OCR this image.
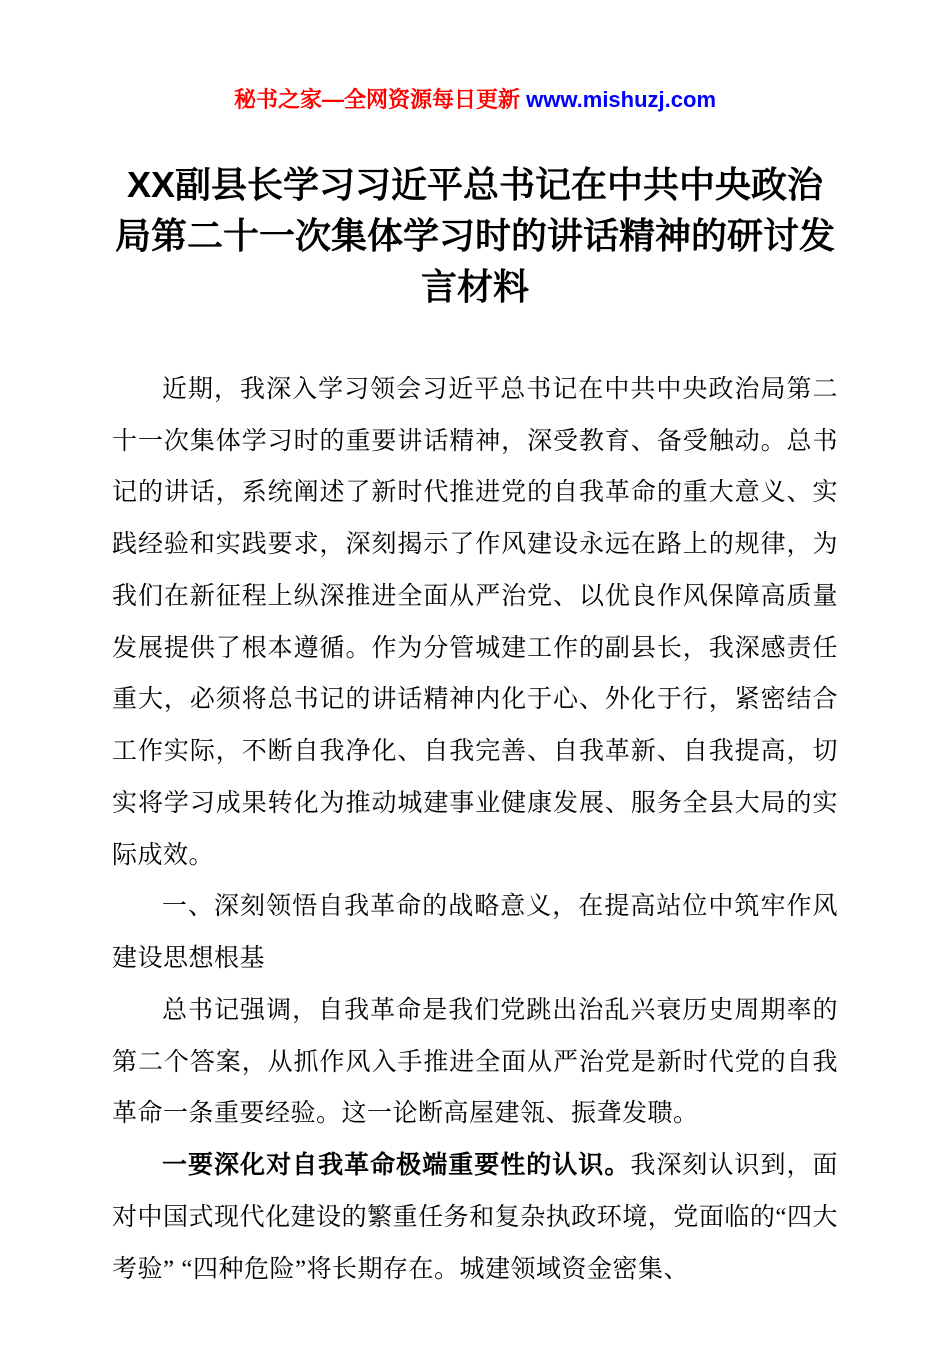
秘书之家—全网资源每日更新 www.mishuzj.com
XX副县长学习习近平总书记在中共中央政治局第二十一次集体学习时的讲话精神的研讨发言材料

近期，我深入学习领会习近平总书记在中共中央政治局第二十一次集体学习时的重要讲话精神，深受教育、备受触动。总书记的讲话，系统阐述了新时代推进党的自我革命的重大意义、实践经验和实践要求，深刻揭示了作风建设永远在路上的规律，为我们在新征程上纵深推进全面从严治党、以优良作风保障高质量发展提供了根本遵循。作为分管城建工作的副县长，我深感责任重大，必须将总书记的讲话精神内化于心、外化于行，紧密结合工作实际，不断自我净化、自我完善、自我革新、自我提高，切实将学习成果转化为推动城建事业健康发展、服务全县大局的实际成效。

一、深刻领悟自我革命的战略意义，在提高站位中筑牢作风建设思想根基

总书记强调，自我革命是我们党跳出治乱兴衰历史周期率的第二个答案，从抓作风入手推进全面从严治党是新时代党的自我革命一条重要经验。这一论断高屋建瓴、振聋发聩。

一要深化对自我革命极端重要性的认识。我深刻认识到，面对中国式现代化建设的繁重任务和复杂执政环境，党面临的“四大考验” “四种危险”将长期存在。城建领域资金密集、
